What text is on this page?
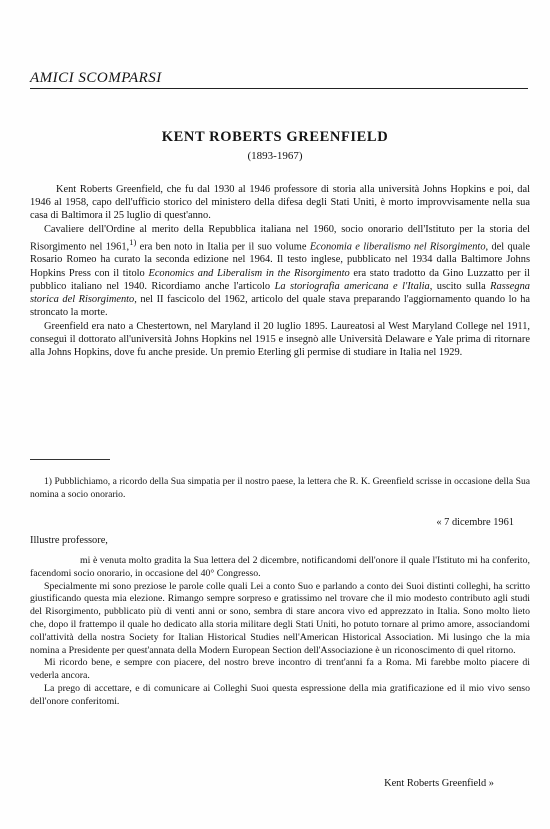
AMICI SCOMPARSI
KENT ROBERTS GREENFIELD
(1893-1967)

Kent Roberts Greenfield, che fu dal 1930 al 1946 professore di storia alla università Johns Hopkins e poi, dal 1946 al 1958, capo dell'ufficio storico del ministero della difesa degli Stati Uniti, è morto improvvisamente nella sua casa di Baltimora il 25 luglio di quest'anno.

Cavaliere dell'Ordine al merito della Repubblica italiana nel 1960, socio onorario dell'Istituto per la storia del Risorgimento nel 1961,$^{1)}$ era ben noto in Italia per il suo volume Economia e liberalismo nel Risorgimento, del quale Rosario Romeo ha curato la seconda edizione nel 1964. Il testo inglese, pubblicato nel 1934 dalla Baltimore Johns Hopkins Press con il titolo Economics and Liberalism in the Risorgimento era stato tradotto da Gino Luzzatto per il pubblico italiano nel 1940. Ricordiamo anche l'articolo La storiografia americana e l'Italia, uscito sulla Rassegna storica del Risorgimento, nel II fascicolo del 1962, articolo del quale stava preparando l'aggiornamento quando lo ha stroncato la morte.

Greenfield era nato a Chestertown, nel Maryland il 20 luglio 1895. Laureatosi al West Maryland College nel 1911, conseguì il dottorato all'università Johns Hopkins nel 1915 e insegnò alle Università Delaware e Yale prima di ritornare alla Johns Hopkins, dove fu anche preside. Un premio Eterling gli permise di studiare in Italia nel 1929.

1) Pubblichiamo, a ricordo della Sua simpatia per il nostro paese, la lettera che R. K. Greenfield scrisse in occasione della Sua nomina a socio onorario.
« 7 dicembre 1961
Illustre professore,

mi è venuta molto gradita la Sua lettera del 2 dicembre, notificandomi dell'onore il quale l'Istituto mi ha conferito, facendomi socio onorario, in occasione del 40° Congresso.

Specialmente mi sono preziose le parole colle quali Lei a conto Suo e parlando a conto dei Suoi distinti colleghi, ha scritto giustificando questa mia elezione. Rimango sempre sorpreso e gratissimo nel trovare che il mio modesto contributo agli studi del Risorgimento, pubblicato più di venti anni or sono, sembra di stare ancora vivo ed apprezzato in Italia. Sono molto lieto che, dopo il frattempo il quale ho dedicato alla storia militare degli Stati Uniti, ho potuto tornare al primo amore, associandomi coll'attività della nostra Society for Italian Historical Studies nell'American Historical Association. Mi lusingo che la mia nomina a Presidente per quest'annata della Modern European Section dell'Associazione è un riconoscimento di quel ritorno.

Mi ricordo bene, e sempre con piacere, del nostro breve incontro di trent'anni fa a Roma. Mi farebbe molto piacere di vederla ancora.

La prego di accettare, e di comunicare ai Colleghi Suoi questa espressione della mia gratificazione ed il mio vivo senso dell'onore conferitomi.

Kent Roberts Greenfield »
